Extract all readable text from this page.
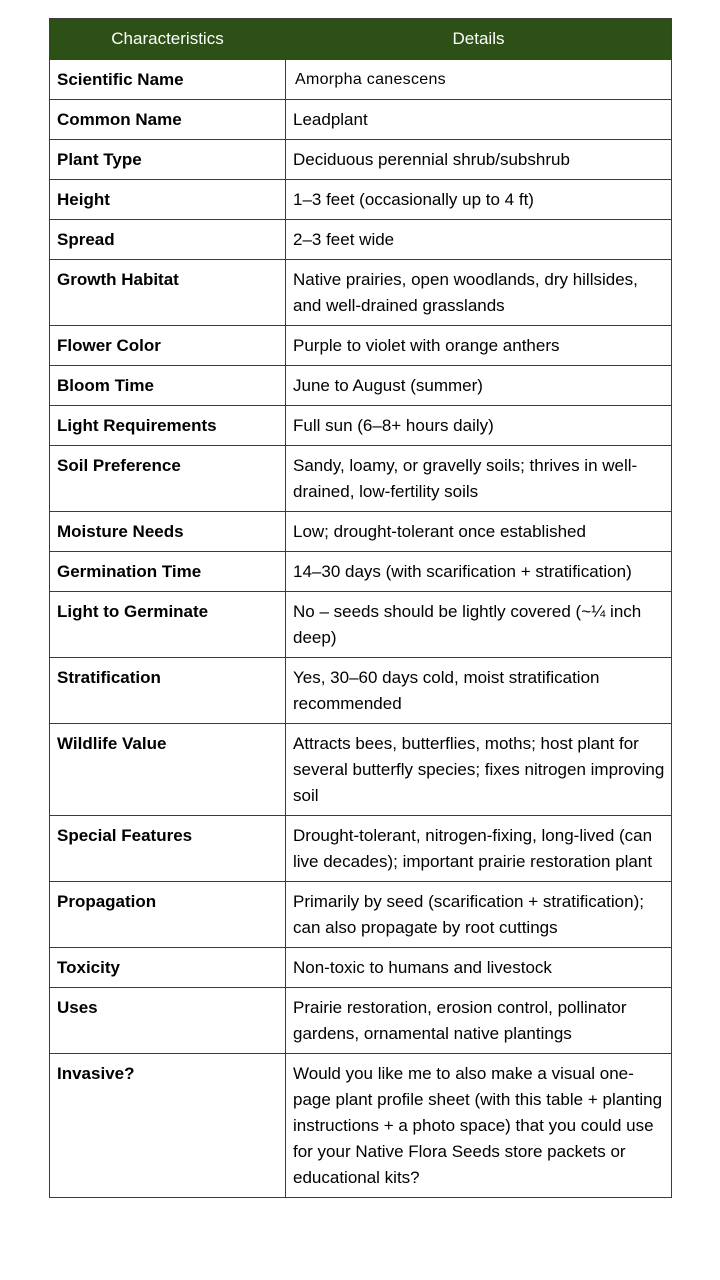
Characteristics	Details
Scientific Name	Amorpha canescens
Common Name	Leadplant
Plant Type	Deciduous perennial shrub/subshrub
Height	1–3 feet (occasionally up to 4 ft)
Spread	2–3 feet wide
Growth Habitat	Native prairies, open woodlands, dry hillsides, and well-drained grasslands
Flower Color	Purple to violet with orange anthers
Bloom Time	June to August (summer)
Light Requirements	Full sun (6–8+ hours daily)
Soil Preference	Sandy, loamy, or gravelly soils; thrives in well-drained, low-fertility soils
Moisture Needs	Low; drought-tolerant once established
Germination Time	14–30 days (with scarification + stratification)
Light to Germinate	No – seeds should be lightly covered (~¼ inch deep)
Stratification	Yes, 30–60 days cold, moist stratification recommended
Wildlife Value	Attracts bees, butterflies, moths; host plant for several butterfly species; fixes nitrogen improving soil
Special Features	Drought-tolerant, nitrogen-fixing, long-lived (can live decades); important prairie restoration plant
Propagation	Primarily by seed (scarification + stratification); can also propagate by root cuttings
Toxicity	Non-toxic to humans and livestock
Uses	Prairie restoration, erosion control, pollinator gardens, ornamental native plantings
Invasive?	Would you like me to also make a visual one-page plant profile sheet (with this table + planting instructions + a photo space) that you could use for your Native Flora Seeds store packets or educational kits?
